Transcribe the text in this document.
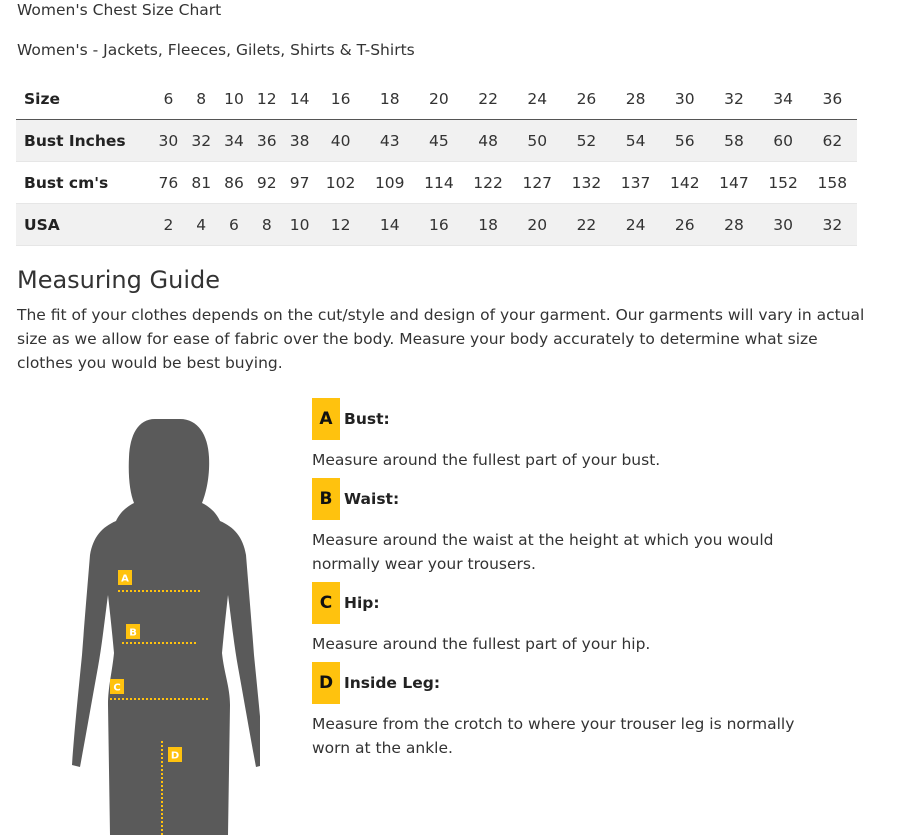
Women's Chest Size Chart
Women's - Jackets, Fleeces, Gilets, Shirts & T-Shirts
Size	6	8	10	12	14	16	18	20	22	24	26	28	30	32	34	36
Bust Inches	30	32	34	36	38	40	43	45	48	50	52	54	56	58	60	62
Bust cm's	76	81	86	92	97	102	109	114	122	127	132	137	142	147	152	158
USA	2	4	6	8	10	12	14	16	18	20	22	24	26	28	30	32
Measuring Guide

The fit of your clothes depends on the cut/style and design of your garment. Our garments will vary in actual size as we allow for ease of fabric over the body. Measure your body accurately to determine what size clothes you would be best buying.

A
B
C
D
A Bust:

Measure around the fullest part of your bust.

B Waist:

Measure around the waist at the height at which you would normally wear your trousers.

C Hip:

Measure around the fullest part of your hip.

D Inside Leg:

Measure from the crotch to where your trouser leg is normally worn at the ankle.
